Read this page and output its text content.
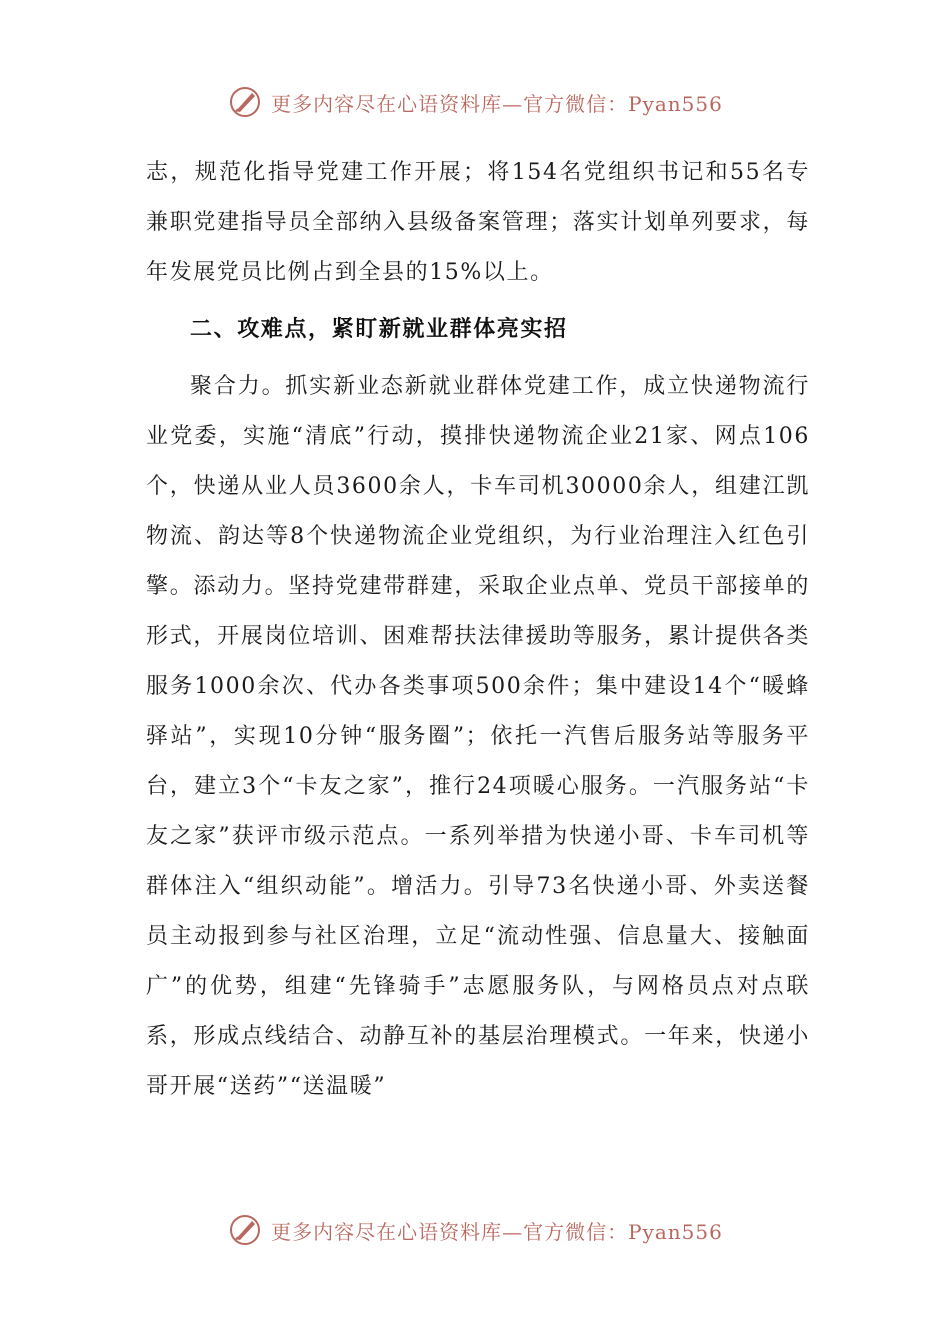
更多内容尽在心语资料库—官方微信：Pyan556

志，规范化指导党建工作开展；将154名党组织书记和55名专兼职党建指导员全部纳入县级备案管理；落实计划单列要求，每年发展党员比例占到全县的15%以上。

二、攻难点，紧盯新就业群体亮实招

聚合力。抓实新业态新就业群体党建工作，成立快递物流行业党委，实施“清底”行动，摸排快递物流企业21家、网点106个，快递从业人员3600余人，卡车司机30000余人，组建江凯物流、韵达等8个快递物流企业党组织，为行业治理注入红色引擎。添动力。坚持党建带群建，采取企业点单、党员干部接单的形式，开展岗位培训、困难帮扶法律援助等服务，累计提供各类服务1000余次、代办各类事项500余件；集中建设14个“暖蜂驿站”，实现10分钟“服务圈”；依托一汽售后服务站等服务平台，建立3个“卡友之家”，推行24项暖心服务。一汽服务站“卡友之家”获评市级示范点。一系列举措为快递小哥、卡车司机等群体注入“组织动能”。增活力。引导73名快递小哥、外卖送餐员主动报到参与社区治理，立足“流动性强、信息量大、接触面广”的优势，组建“先锋骑手”志愿服务队，与网格员点对点联系，形成点线结合、动静互补的基层治理模式。一年来，快递小哥开展“送药”“送温暖”

更多内容尽在心语资料库—官方微信：Pyan556
